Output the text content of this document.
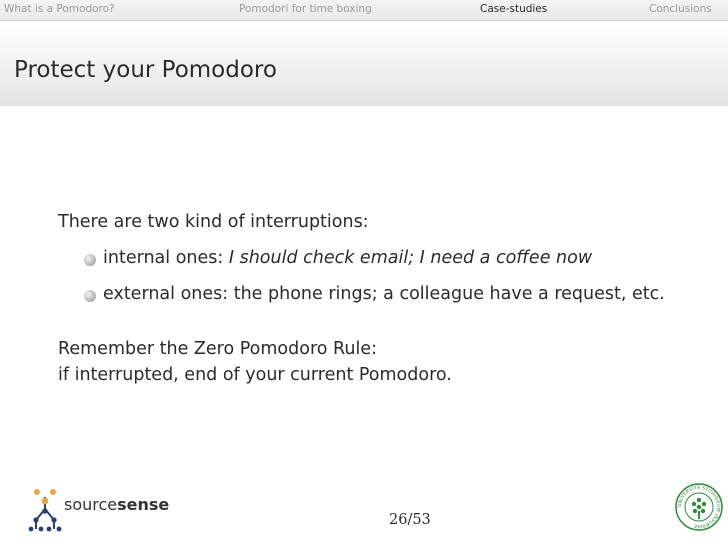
What is a Pomodoro?	Pomodori for time boxing	Case-studies	Conclusions
Protect your Pomodoro
There are two kind of interruptions:
internal ones: I should check email; I need a coffee now
external ones: the phone rings; a colleague have a request, etc.
Remember the Zero Pomodoro Rule:
if interrupted, end of your current Pomodoro.
sourcesense
26/53
UNIVERSITA STUDIORUM INSUBRIAE
